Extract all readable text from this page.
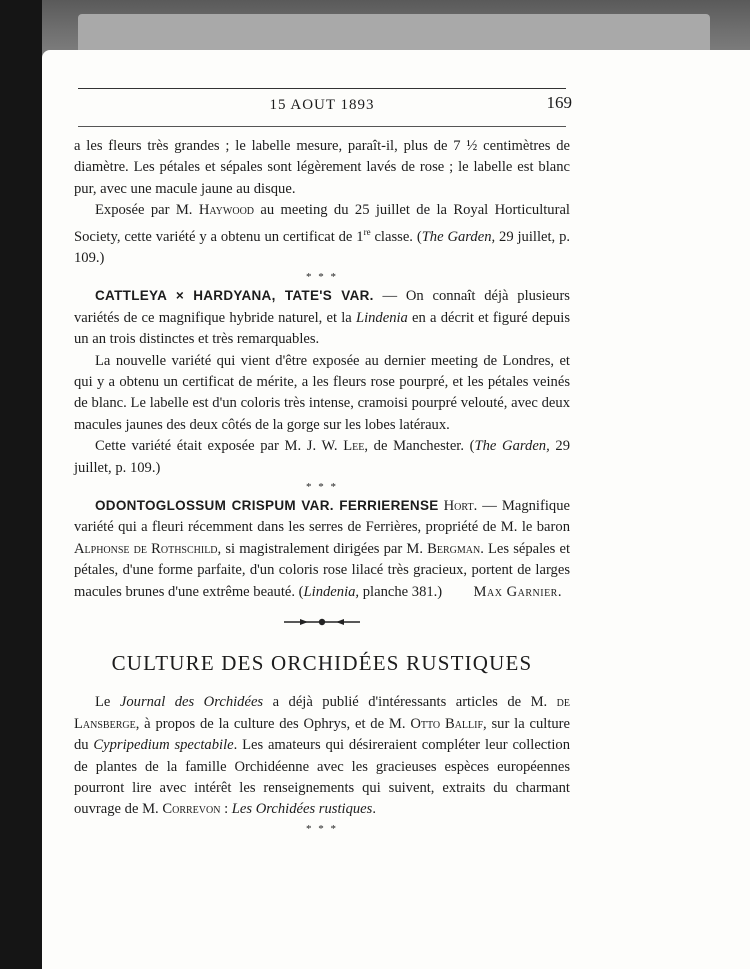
15 AOUT 1893	169

a les fleurs très grandes ; le labelle mesure, paraît-il, plus de 7 ½ centimètres de diamètre. Les pétales et sépales sont légèrement lavés de rose ; le labelle est blanc pur, avec une macule jaune au disque.

Exposée par M. Haywood au meeting du 25 juillet de la Royal Horticultural Society, cette variété y a obtenu un certificat de 1re classe. (The Garden, 29 juillet, p. 109.)

* * *

CATTLEYA × HARDYANA, TATE'S VAR. — On connaît déjà plusieurs variétés de ce magnifique hybride naturel, et la Lindenia en a décrit et figuré depuis un an trois distinctes et très remarquables.

La nouvelle variété qui vient d'être exposée au dernier meeting de Londres, et qui y a obtenu un certificat de mérite, a les fleurs rose pourpré, et les pétales veinés de blanc. Le labelle est d'un coloris très intense, cramoisi pourpré velouté, avec deux macules jaunes des deux côtés de la gorge sur les lobes latéraux.

Cette variété était exposée par M. J. W. Lee, de Manchester. (The Garden, 29 juillet, p. 109.)

* * *

ODONTOGLOSSUM CRISPUM VAR. FERRIERENSE Hort. — Magnifique variété qui a fleuri récemment dans les serres de Ferrières, propriété de M. le baron Alphonse de Rothschild, si magistralement dirigées par M. Bergman. Les sépales et pétales, d'une forme parfaite, d'un coloris rose lilacé très gracieux, portent de larges macules brunes d'une extrême beauté. (Lindenia, planche 381.)	Max Garnier.

CULTURE DES ORCHIDÉES RUSTIQUES

Le Journal des Orchidées a déjà publié d'intéressants articles de M. de Lansberge, à propos de la culture des Ophrys, et de M. Otto Ballif, sur la culture du Cypripedium spectabile. Les amateurs qui désireraient compléter leur collection de plantes de la famille Orchidéenne avec les gracieuses espèces européennes pourront lire avec intérêt les renseignements qui suivent, extraits du charmant ouvrage de M. Correvon : Les Orchidées rustiques.

* * *
